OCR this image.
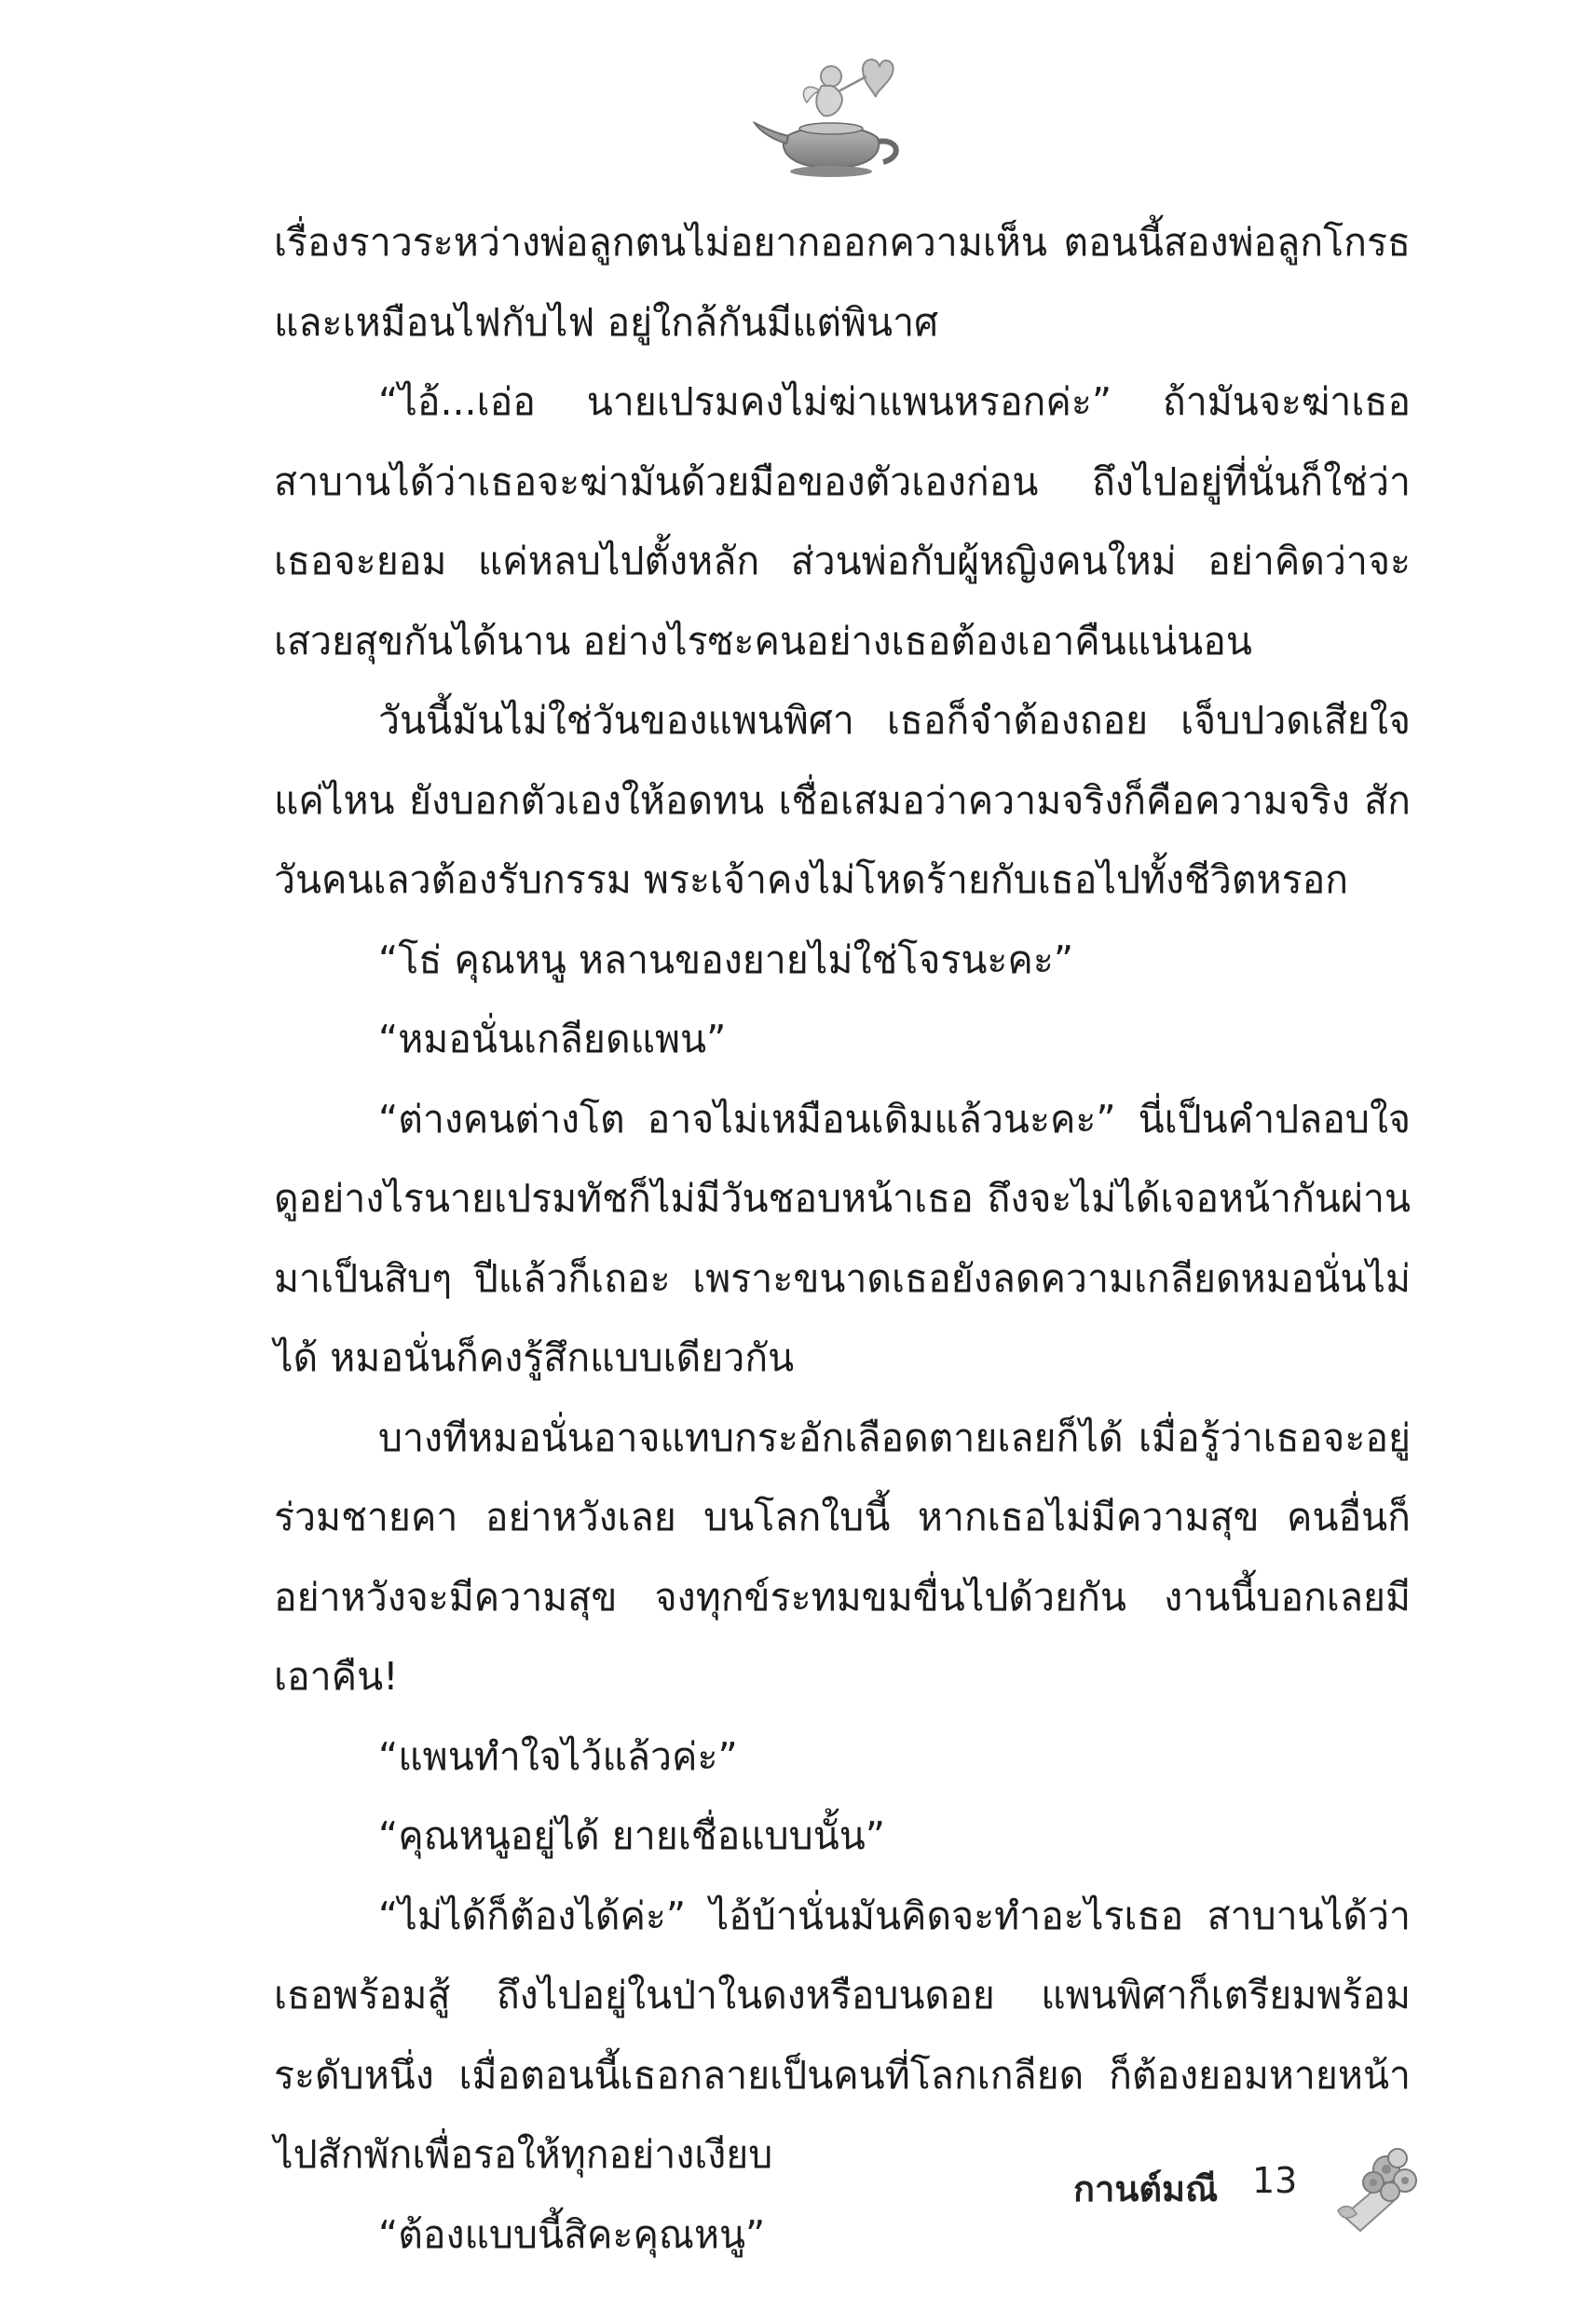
เรื่องราวระหว่างพ่อลูกตนไม่อยากออกความเห็น ตอนนี้สองพ่อลูกโกรธและเหมือนไฟกับไฟ อยู่ใกล้กันมีแต่พินาศ

“ไอ้...เอ่อ นายเปรมคงไม่ฆ่าแพนหรอกค่ะ” ถ้ามันจะฆ่าเธอสาบานได้ว่าเธอจะฆ่ามันด้วยมือของตัวเองก่อน ถึงไปอยู่ที่นั่นก็ใช่ว่าเธอจะยอม แค่หลบไปตั้งหลัก ส่วนพ่อกับผู้หญิงคนใหม่ อย่าคิดว่าจะเสวยสุขกันได้นาน อย่างไรซะคนอย่างเธอต้องเอาคืนแน่นอน

วันนี้มันไม่ใช่วันของแพนพิศา เธอก็จำต้องถอย เจ็บปวดเสียใจแค่ไหน ยังบอกตัวเองให้อดทน เชื่อเสมอว่าความจริงก็คือความจริง สักวันคนเลวต้องรับกรรม พระเจ้าคงไม่โหดร้ายกับเธอไปทั้งชีวิตหรอก

“โธ่ คุณหนู หลานของยายไม่ใช่โจรนะคะ”

“หมอนั่นเกลียดแพน”

“ต่างคนต่างโต อาจไม่เหมือนเดิมแล้วนะคะ” นี่เป็นคำปลอบใจ ดูอย่างไรนายเปรมทัชก็ไม่มีวันชอบหน้าเธอ ถึงจะไม่ได้เจอหน้ากันผ่านมาเป็นสิบๆ ปีแล้วก็เถอะ เพราะขนาดเธอยังลดความเกลียดหมอนั่นไม่ได้ หมอนั่นก็คงรู้สึกแบบเดียวกัน

บางทีหมอนั่นอาจแทบกระอักเลือดตายเลยก็ได้ เมื่อรู้ว่าเธอจะอยู่ร่วมชายคา อย่าหวังเลย บนโลกใบนี้ หากเธอไม่มีความสุข คนอื่นก็อย่าหวังจะมีความสุข จงทุกข์ระทมขมขื่นไปด้วยกัน งานนี้บอกเลยมีเอาคืน!

“แพนทำใจไว้แล้วค่ะ”

“คุณหนูอยู่ได้ ยายเชื่อแบบนั้น”

“ไม่ได้ก็ต้องได้ค่ะ” ไอ้บ้านั่นมันคิดจะทำอะไรเธอ สาบานได้ว่าเธอพร้อมสู้ ถึงไปอยู่ในป่าในดงหรือบนดอย แพนพิศาก็เตรียมพร้อมระดับหนึ่ง เมื่อตอนนี้เธอกลายเป็นคนที่โลกเกลียด ก็ต้องยอมหายหน้าไปสักพักเพื่อรอให้ทุกอย่างเงียบ

“ต้องแบบนี้สิคะคุณหนู”

กานต์มณี 13
